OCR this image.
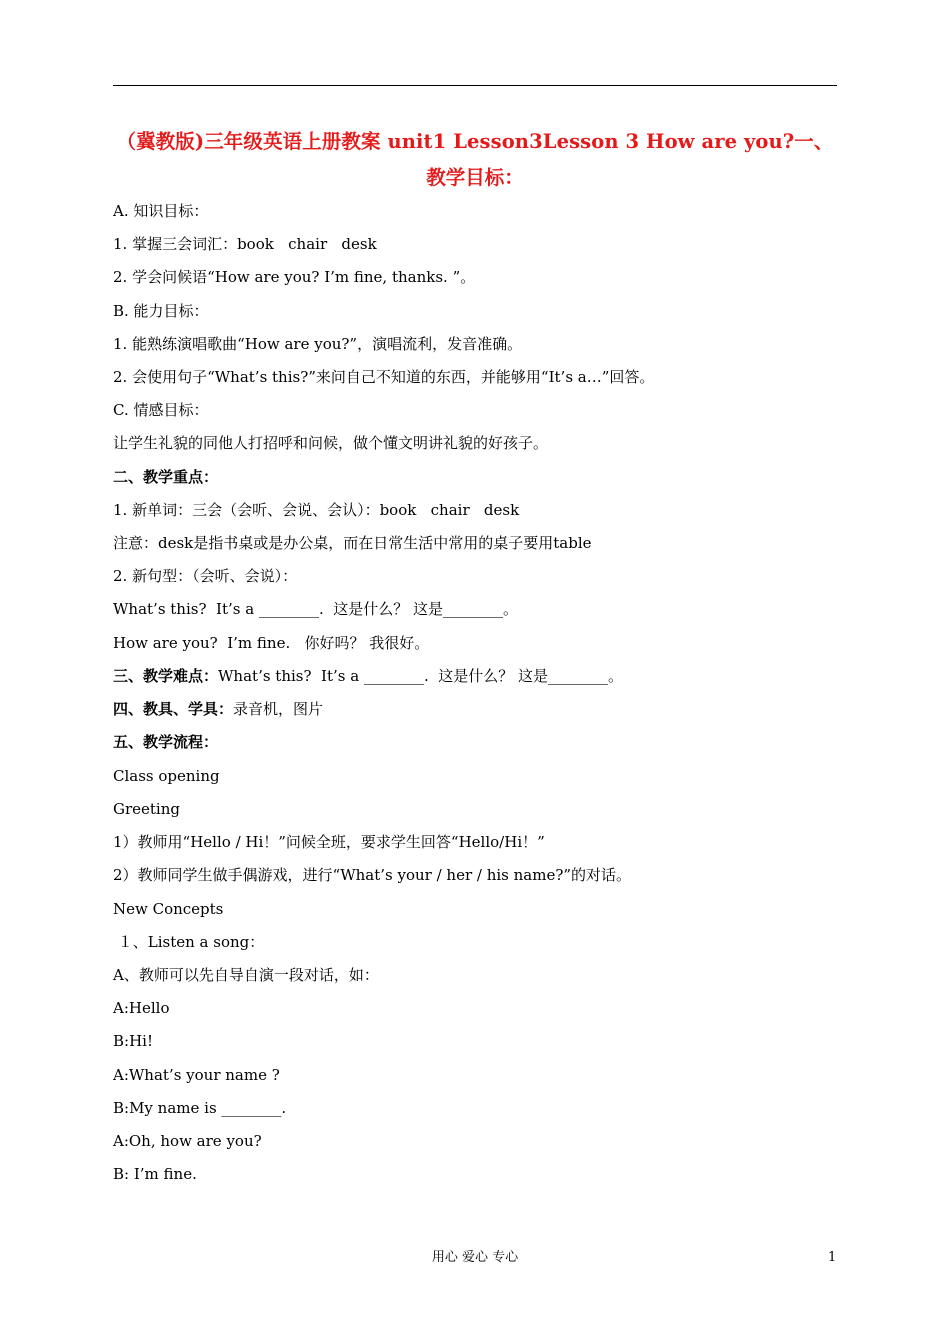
（冀教版)三年级英语上册教案 unit1 Lesson3Lesson 3 How are you?一、
教学目标：
A. 知识目标：
1. 掌握三会词汇：book   chair   desk
2. 学会问候语“How are you? I’m fine, thanks. ”。
B. 能力目标：
1. 能熟练演唱歌曲“How are you?”，演唱流利，发音准确。
2. 会使用句子“What’s this?”来问自己不知道的东西，并能够用“It’s a…”回答。
C. 情感目标：
让学生礼貌的同他人打招呼和问候，做个懂文明讲礼貌的好孩子。
二、教学重点：
1. 新单词：三会（会听、会说、会认）：book   chair   desk
注意：desk是指书桌或是办公桌，而在日常生活中常用的桌子要用table
2. 新句型：（会听、会说）：
What’s this?  It’s a ________.  这是什么？ 这是________。
How are you?  I’m fine.   你好吗？ 我很好。
三、教学难点：What’s this?  It’s a ________.  这是什么？ 这是________。
四、教具、学具：录音机，图片
五、教学流程：
Class opening
Greeting
1）教师用“Hello / Hi！”问候全班，要求学生回答“Hello/Hi！”
2）教师同学生做手偶游戏，进行“What’s your / her / his name?”的对话。
New Concepts
１、Listen a song：
A、教师可以先自导自演一段对话，如：
A:Hello
B:Hi!
A:What’s your name ?
B:My name is ________.
A:Oh, how are you?
B: I’m fine.
用心 爱心 专心	1
